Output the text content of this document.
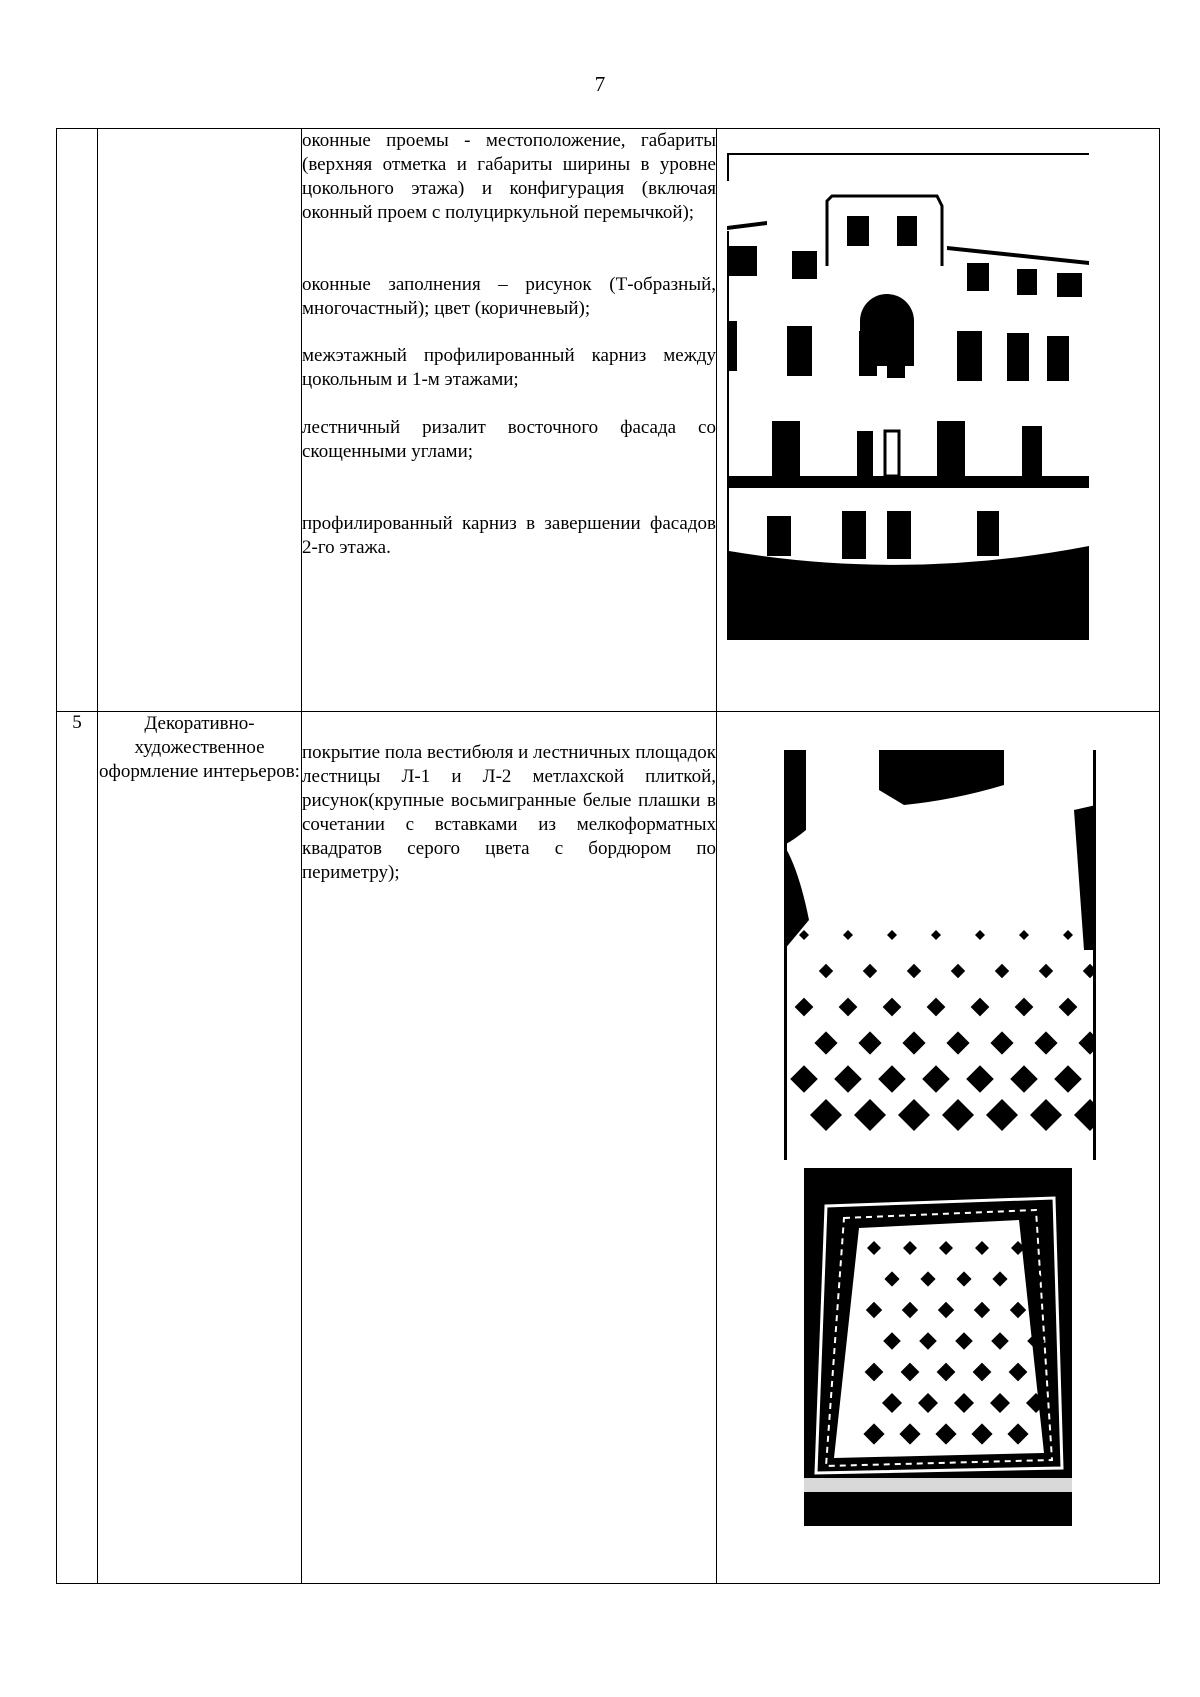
7

		оконные проемы - местоположение, габариты (верхняя отметка и габариты ширины в уровне цокольного этажа) и конфигурация (включая оконный проем с полуциркульной перемычкой);

оконные заполнения – рисунок (Т-образный, многочастный); цвет (коричневый);

межэтажный профилированный карниз между цокольным и 1-м этажами;

лестничный ризалит восточного фасада со скощенными углами;

профилированный карниз в завершении фасадов 2-го этажа.

5	Декоративно-художественное оформление интерьеров:	покрытие пола вестибюля и лестничных площадок лестницы Л-1 и Л-2 метлахской плиткой, рисунок(крупные восьмигранные белые плашки в сочетании с вставками из мелкоформатных квадратов серого цвета с бордюром по периметру);
